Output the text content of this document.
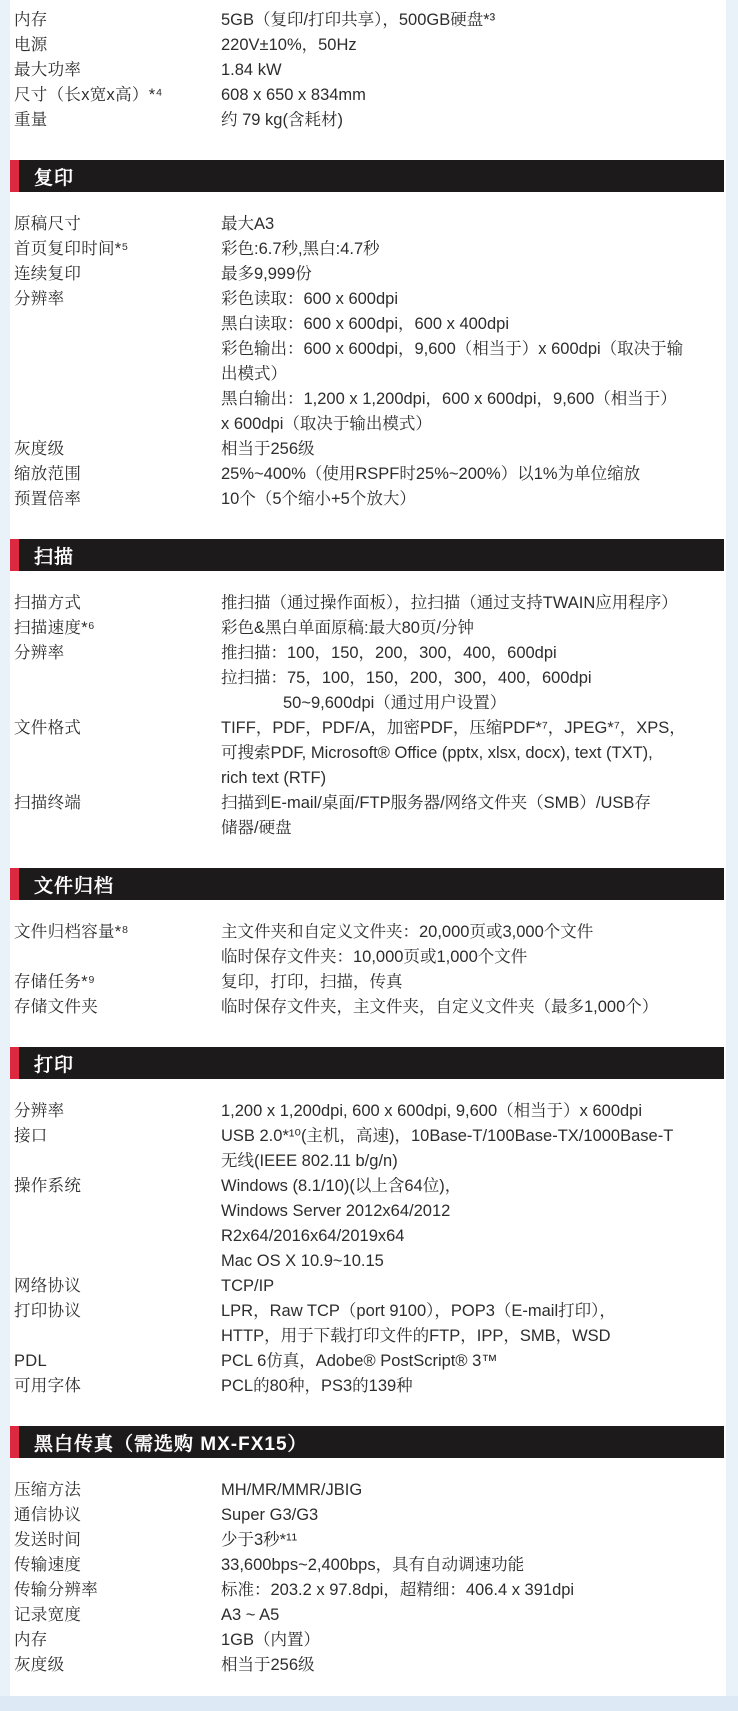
内存	5GB（复印/打印共享），500GB硬盘*³
电源	220V±10%，50Hz
最大功率	1.84 kW
尺寸（长x宽x高）*⁴	608 x 650 x 834mm
重量	约 79 kg(含耗材)
复印
原稿尺寸	最大A3
首页复印时间*⁵	彩色:6.7秒,黑白:4.7秒
连续复印	最多9,999份
分辨率	彩色读取：600 x 600dpi
黑白读取：600 x 600dpi，600 x 400dpi
彩色输出：600 x 600dpi，9,600（相当于）x 600dpi（取决于输
出模式）
黑白输出：1,200 x 1,200dpi，600 x 600dpi，9,600（相当于）
x 600dpi（取决于输出模式）
灰度级	相当于256级
缩放范围	25%~400%（使用RSPF时25%~200%）以1%为单位缩放
预置倍率	10个（5个缩小+5个放大）
扫描
扫描方式	推扫描（通过操作面板），拉扫描（通过支持TWAIN应用程序）
扫描速度*⁶	彩色&黑白单面原稿:最大80页/分钟
分辨率	推扫描：100，150，200，300，400，600dpi
拉扫描：75，100，150，200，300，400，600dpi
50~9,600dpi（通过用户设置）
文件格式	TIFF，PDF，PDF/A，加密PDF，压缩PDF*⁷，JPEG*⁷，XPS，
可搜索PDF, Microsoft® Office (pptx, xlsx, docx), text (TXT),
rich text (RTF)
扫描终端	扫描到E-mail/桌面/FTP服务器/网络文件夹（SMB）/USB存
储器/硬盘
文件归档
文件归档容量*⁸	主文件夹和自定义文件夹：20,000页或3,000个文件
临时保存文件夹：10,000页或1,000个文件
存储任务*⁹	复印，打印，扫描，传真
存储文件夹	临时保存文件夹，主文件夹，自定义文件夹（最多1,000个）
打印
分辨率	1,200 x 1,200dpi, 600 x 600dpi, 9,600（相当于）x 600dpi
接口	USB 2.0*¹⁰(主机，高速)，10Base-T/100Base-TX/1000Base-T
无线(IEEE 802.11 b/g/n)
操作系统	Windows (8.1/10)(以上含64位)，
Windows Server 2012x64/2012
R2x64/2016x64/2019x64
Mac OS X 10.9~10.15
网络协议	TCP/IP
打印协议	LPR，Raw TCP（port 9100），POP3（E-mail打印），
HTTP，用于下载打印文件的FTP，IPP，SMB，WSD
PDL	PCL 6仿真，Adobe® PostScript® 3™
可用字体	PCL的80种，PS3的139种
黑白传真（需选购 MX-FX15）
压缩方法	MH/MR/MMR/JBIG
通信协议	Super G3/G3
发送时间	少于3秒*¹¹
传输速度	33,600bps~2,400bps，具有自动调速功能
传输分辨率	标准：203.2 x 97.8dpi，超精细：406.4 x 391dpi
记录宽度	A3 ~ A5
内存	1GB（内置）
灰度级	相当于256级
